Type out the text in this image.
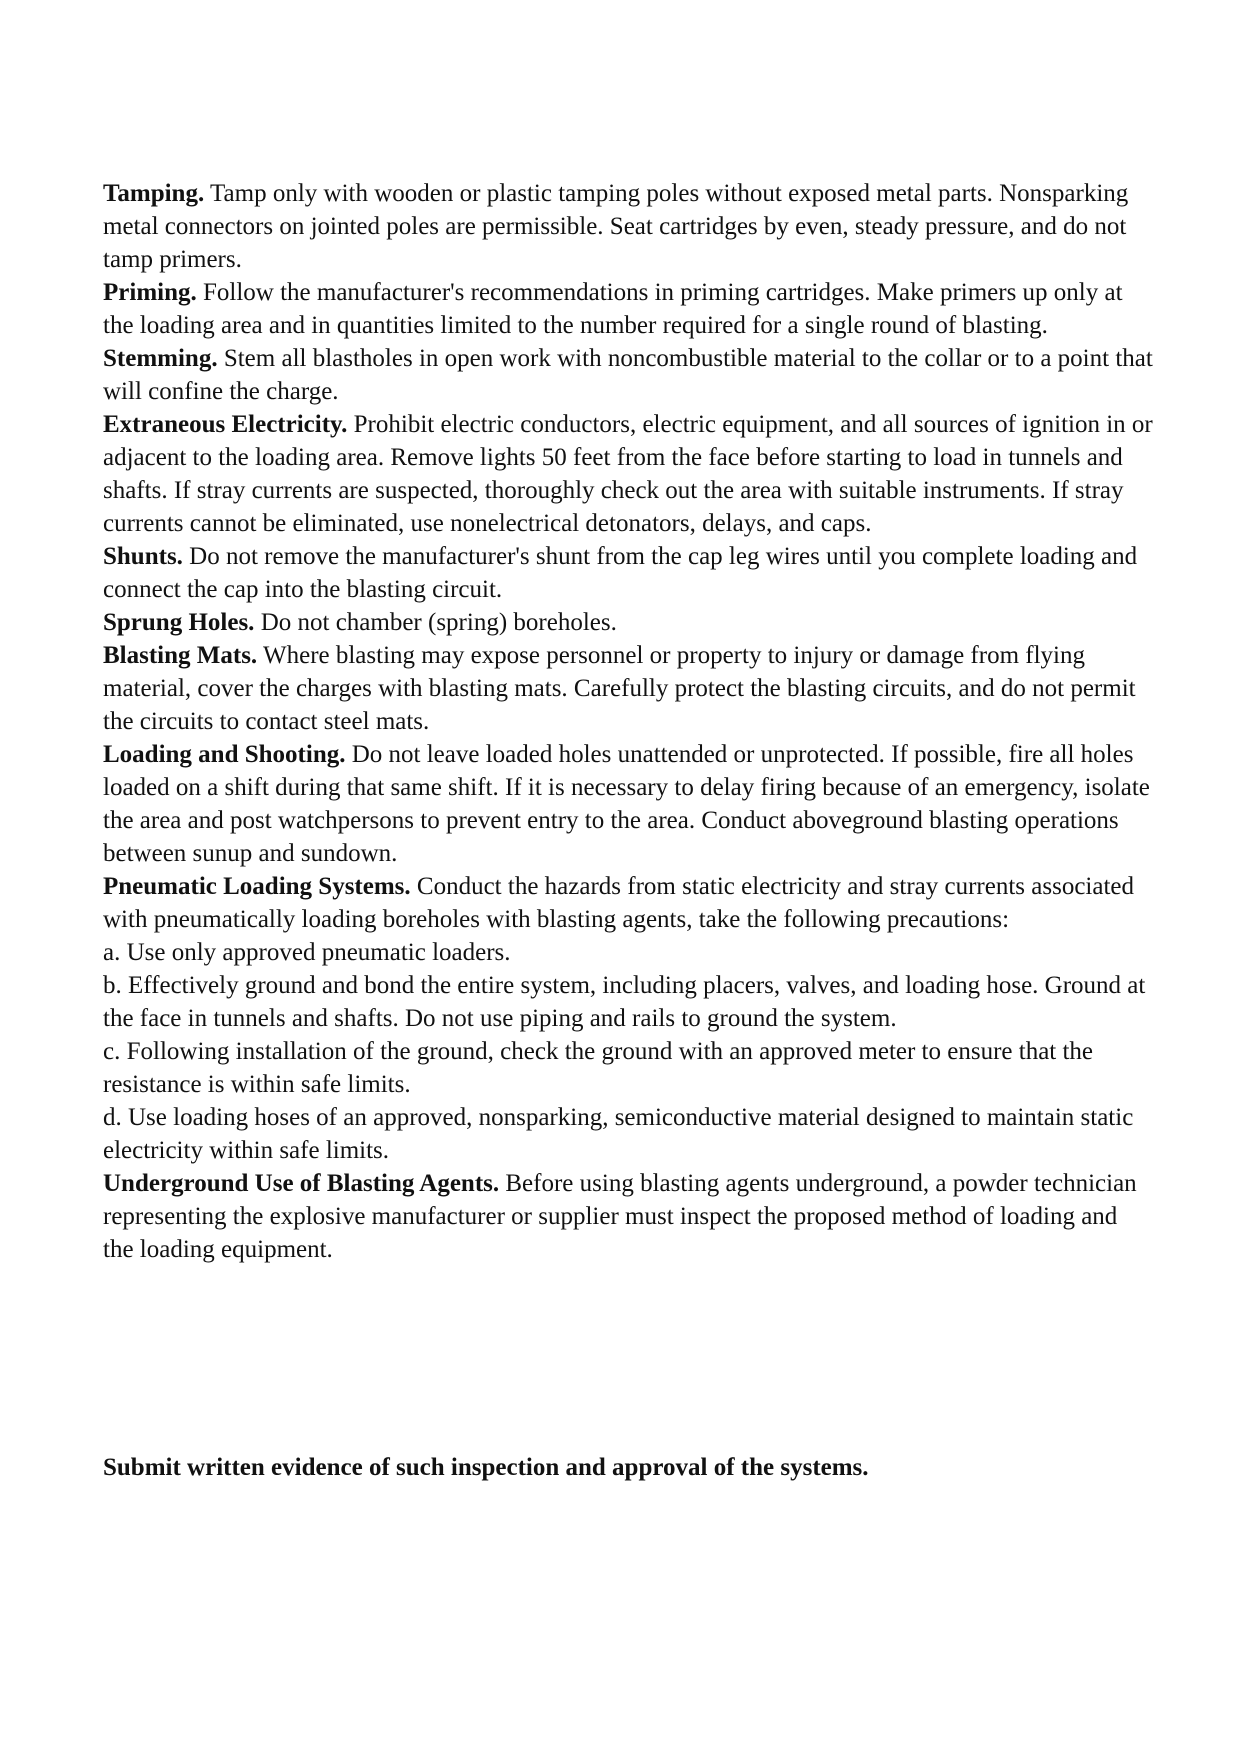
Tamping. Tamp only with wooden or plastic tamping poles without exposed metal parts. Nonsparking metal connectors on jointed poles are permissible. Seat cartridges by even, steady pressure, and do not tamp primers.

Priming. Follow the manufacturer's recommendations in priming cartridges. Make primers up only at the loading area and in quantities limited to the number required for a single round of blasting.

Stemming. Stem all blastholes in open work with noncombustible material to the collar or to a point that will confine the charge.

Extraneous Electricity. Prohibit electric conductors, electric equipment, and all sources of ignition in or adjacent to the loading area. Remove lights 50 feet from the face before starting to load in tunnels and shafts. If stray currents are suspected, thoroughly check out the area with suitable instruments. If stray currents cannot be eliminated, use nonelectrical detonators, delays, and caps.

Shunts. Do not remove the manufacturer's shunt from the cap leg wires until you complete loading and connect the cap into the blasting circuit.

Sprung Holes. Do not chamber (spring) boreholes.

Blasting Mats. Where blasting may expose personnel or property to injury or damage from flying material, cover the charges with blasting mats. Carefully protect the blasting circuits, and do not permit the circuits to contact steel mats.

Loading and Shooting. Do not leave loaded holes unattended or unprotected. If possible, fire all holes loaded on a shift during that same shift. If it is necessary to delay firing because of an emergency, isolate the area and post watchpersons to prevent entry to the area. Conduct aboveground blasting operations between sunup and sundown.

Pneumatic Loading Systems. Conduct the hazards from static electricity and stray currents associated with pneumatically loading boreholes with blasting agents, take the following precautions:

a. Use only approved pneumatic loaders.

b. Effectively ground and bond the entire system, including placers, valves, and loading hose. Ground at the face in tunnels and shafts. Do not use piping and rails to ground the system.

c. Following installation of the ground, check the ground with an approved meter to ensure that the resistance is within safe limits.

d. Use loading hoses of an approved, nonsparking, semiconductive material designed to maintain static electricity within safe limits.

Underground Use of Blasting Agents. Before using blasting agents underground, a powder technician representing the explosive manufacturer or supplier must inspect the proposed method of loading and the loading equipment.

Submit written evidence of such inspection and approval of the systems.
